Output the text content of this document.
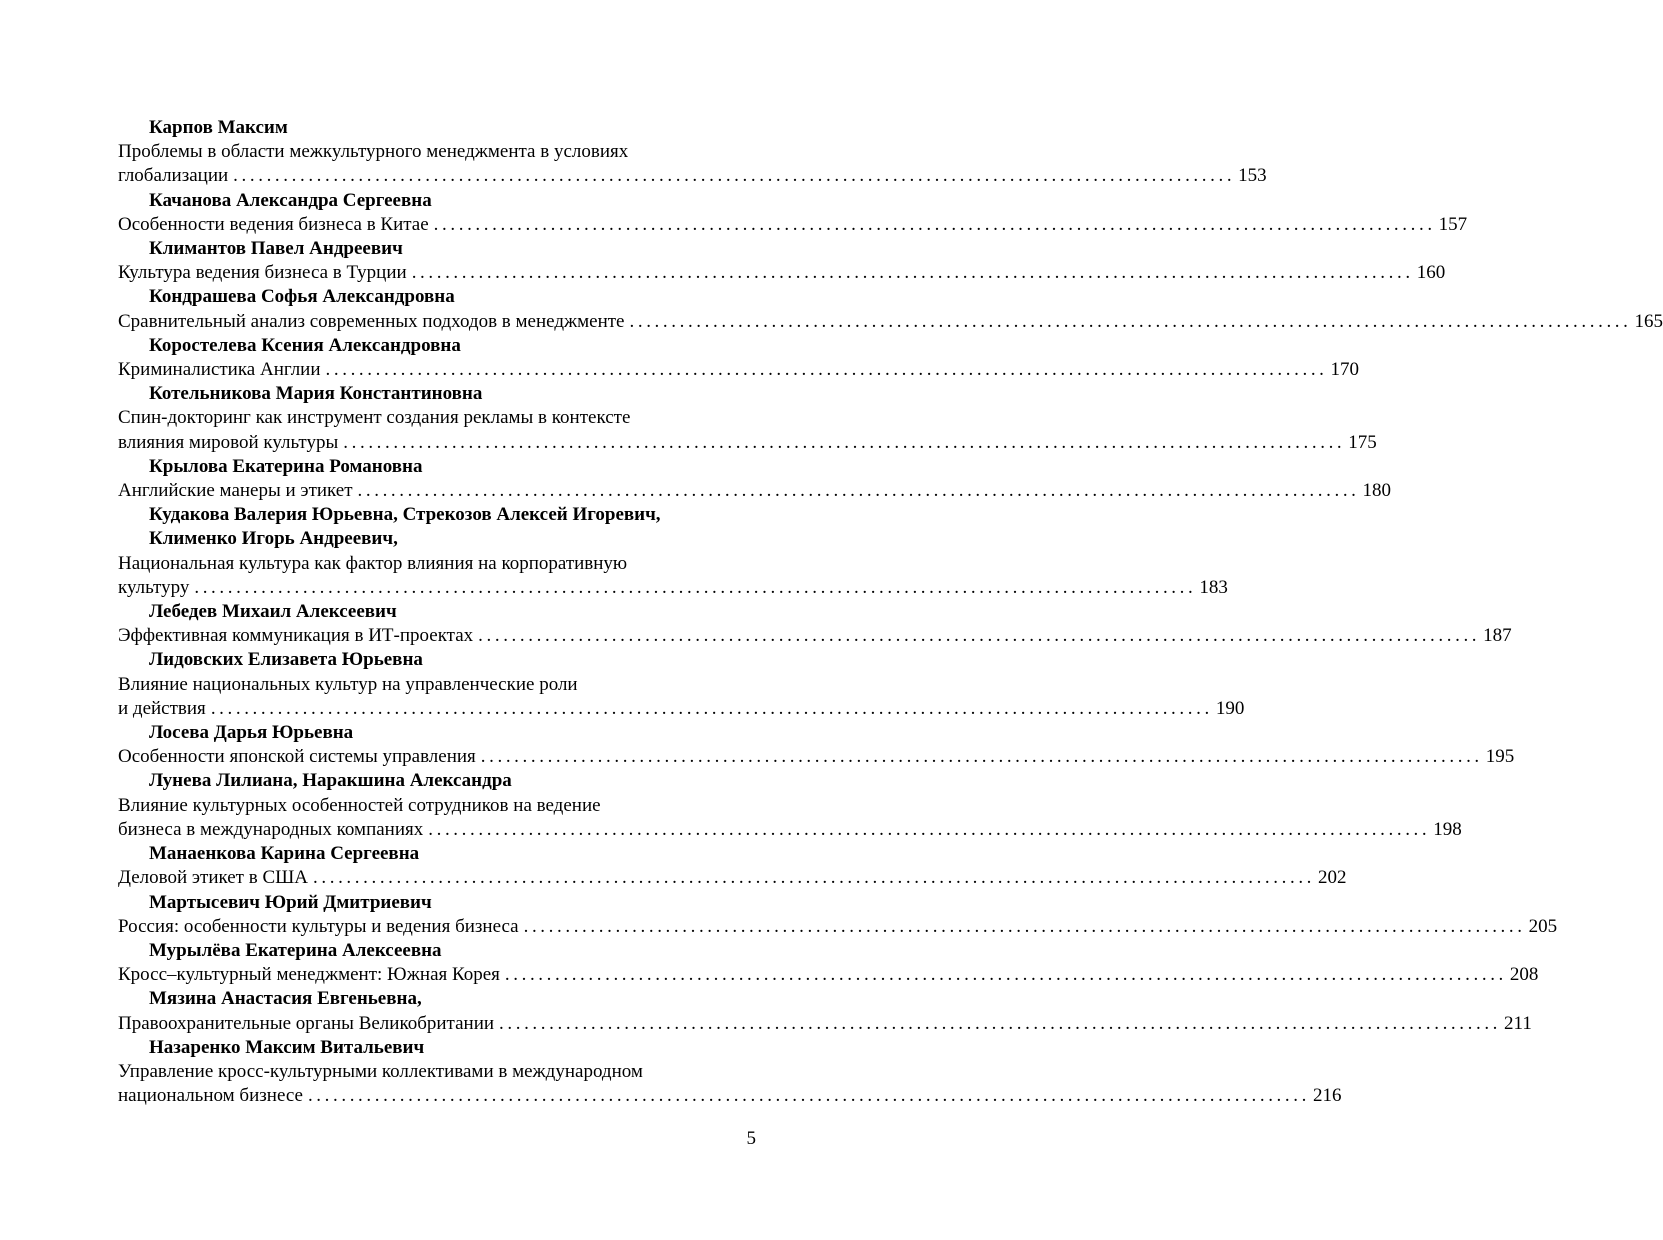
Карпов Максим
Проблемы в области межкультурного менеджмента в условиях
глобализации ........................................................................................................................ 153
Качанова Александра Сергеевна
Особенности ведения бизнеса в Китае ........................................................................................................................ 157
Климантов Павел Андреевич
Культура ведения бизнеса в Турции ........................................................................................................................ 160
Кондрашева Софья Александровна
Сравнительный анализ современных подходов в менеджменте ........................................................................................................................ 165
Коростелева Ксения Александровна
Криминалистика Англии ........................................................................................................................ 170
Котельникова Мария Константиновна
Спин-докторинг как инструмент создания рекламы в контексте
влияния мировой культуры ........................................................................................................................ 175
Крылова Екатерина Романовна
Английские манеры и этикет ........................................................................................................................ 180
Кудакова Валерия Юрьевна, Стрекозов Алексей Игоревич,
Клименко Игорь Андреевич,
Национальная культура как фактор влияния на корпоративную
культуру ........................................................................................................................ 183
Лебедев Михаил Алексеевич
Эффективная коммуникация в ИТ-проектах ........................................................................................................................ 187
Лидовских Елизавета Юрьевна
Влияние национальных культур на управленческие роли
и действия ........................................................................................................................ 190
Лосева Дарья Юрьевна
Особенности японской системы управления ........................................................................................................................ 195
Лунева Лилиана, Наракшина Александра
Влияние культурных особенностей сотрудников на ведение
бизнеса в международных компаниях ........................................................................................................................ 198
Манаенкова Карина Сергеевна
Деловой этикет в США ........................................................................................................................ 202
Мартысевич Юрий Дмитриевич
Россия: особенности культуры и ведения бизнеса ........................................................................................................................ 205
Мурылёва Екатерина Алексеевна
Кросс–культурный менеджмент: Южная Корея ........................................................................................................................ 208
Мязина Анастасия Евгеньевна,
Правоохранительные органы Великобритании ........................................................................................................................ 211
Назаренко Максим Витальевич
Управление кросс-культурными коллективами в международном
национальном бизнесе ........................................................................................................................ 216
5
